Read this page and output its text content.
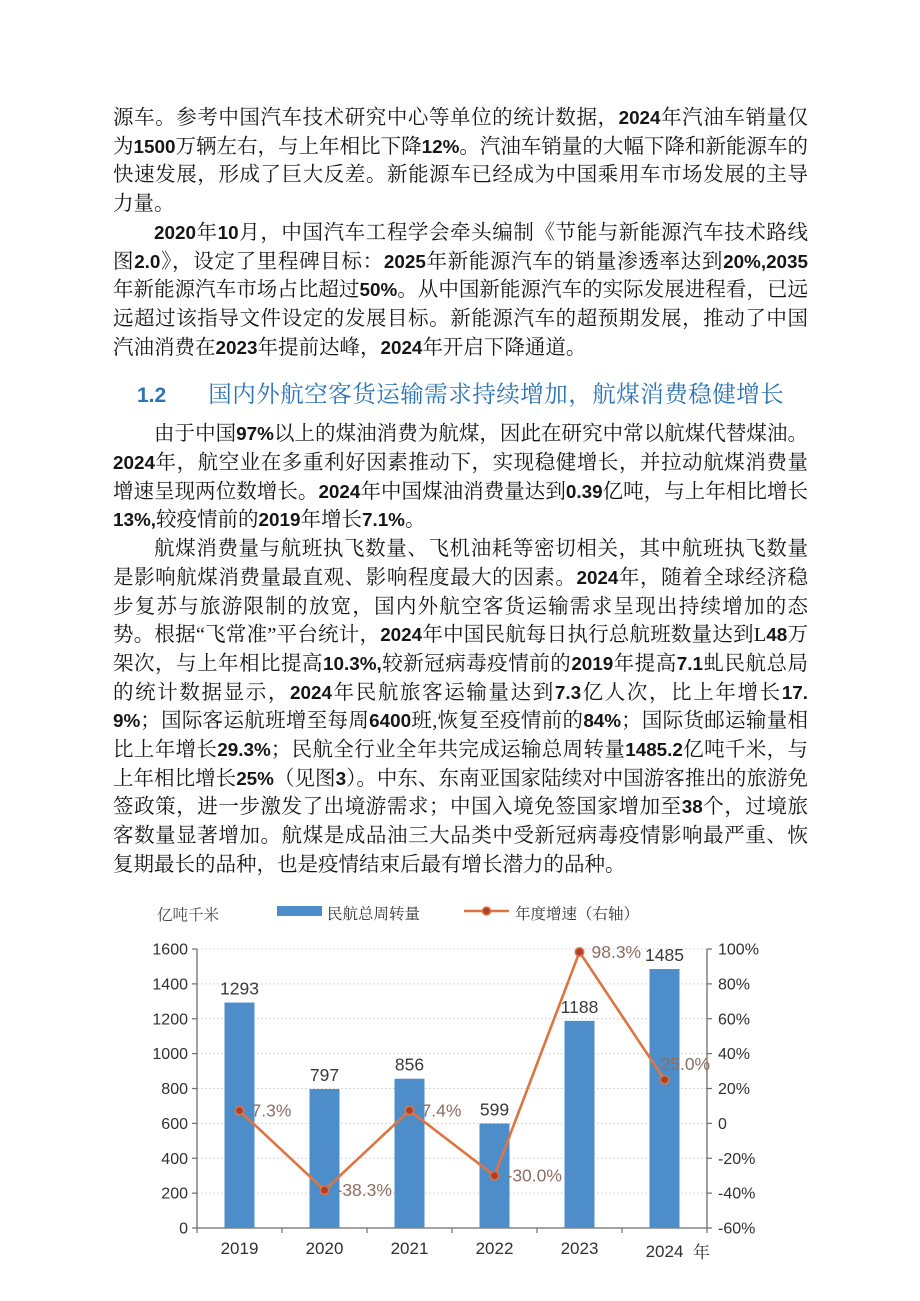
源车。参考中国汽车技术研究中心等单位的统计数据，2024年汽油车销量仅为1500万辆左右，与上年相比下降12%。汽油车销量的大幅下降和新能源车的快速发展，形成了巨大反差。新能源车已经成为中国乘用车市场发展的主导力量。

2020年10月，中国汽车工程学会牵头编制《节能与新能源汽车技术路线图2.0》，设定了里程碑目标：2025年新能源汽车的销量渗透率达到20%,2035年新能源汽车市场占比超过50%。从中国新能源汽车的实际发展进程看，已远远超过该指导文件设定的发展目标。新能源汽车的超预期发展，推动了中国汽油消费在2023年提前达峰，2024年开启下降通道。

1.2 国内外航空客货运输需求持续增加，航煤消费稳健增长

由于中国97%以上的煤油消费为航煤，因此在研究中常以航煤代替煤油。2024年，航空业在多重利好因素推动下，实现稳健增长，并拉动航煤消费量增速呈现两位数增长。2024年中国煤油消费量达到0.39亿吨，与上年相比增长13%,较疫情前的2019年增长7.1%。

航煤消费量与航班执飞数量、飞机油耗等密切相关，其中航班执飞数量是影响航煤消费量最直观、影响程度最大的因素。2024年，随着全球经济稳步复苏与旅游限制的放宽，国内外航空客货运输需求呈现出持续增加的态势。根据“飞常准”平台统计，2024年中国民航每日执行总航班数量达到L48万架次，与上年相比提高10.3%,较新冠病毒疫情前的2019年提高7.1虬民航总局的统计数据显示，2024年民航旅客运输量达到7.3亿人次，比上年增长17.9%；国际客运航班增至每周6400班,恢复至疫情前的84%；国际货邮运输量相比上年增长29.3%；民航全行业全年共完成运输总周转量1485.2亿吨千米，与上年相比增长25%（见图3）。中东、东南亚国家陆续对中国游客推出的旅游免签政策，进一步激发了出境游需求；中国入境免签国家增加至38个，过境旅客数量显著增加。航煤是成品油三大品类中受新冠病毒疫情影响最严重、恢复期最长的品种，也是疫情结束后最有增长潜力的品种。

0
200
400
600
800
1000
1200
1400
1600
-60%
-40%
-20%
0
20%
40%
60%
80%
100%
1293
2019
797
2020
856
2021
599
2022
1188
2023
1485
2024 年
7.3%
-38.3%
7.4%
-30.0%
98.3%
25.0%
亿吨千米	民航总周转量	年度增速（右轴）
